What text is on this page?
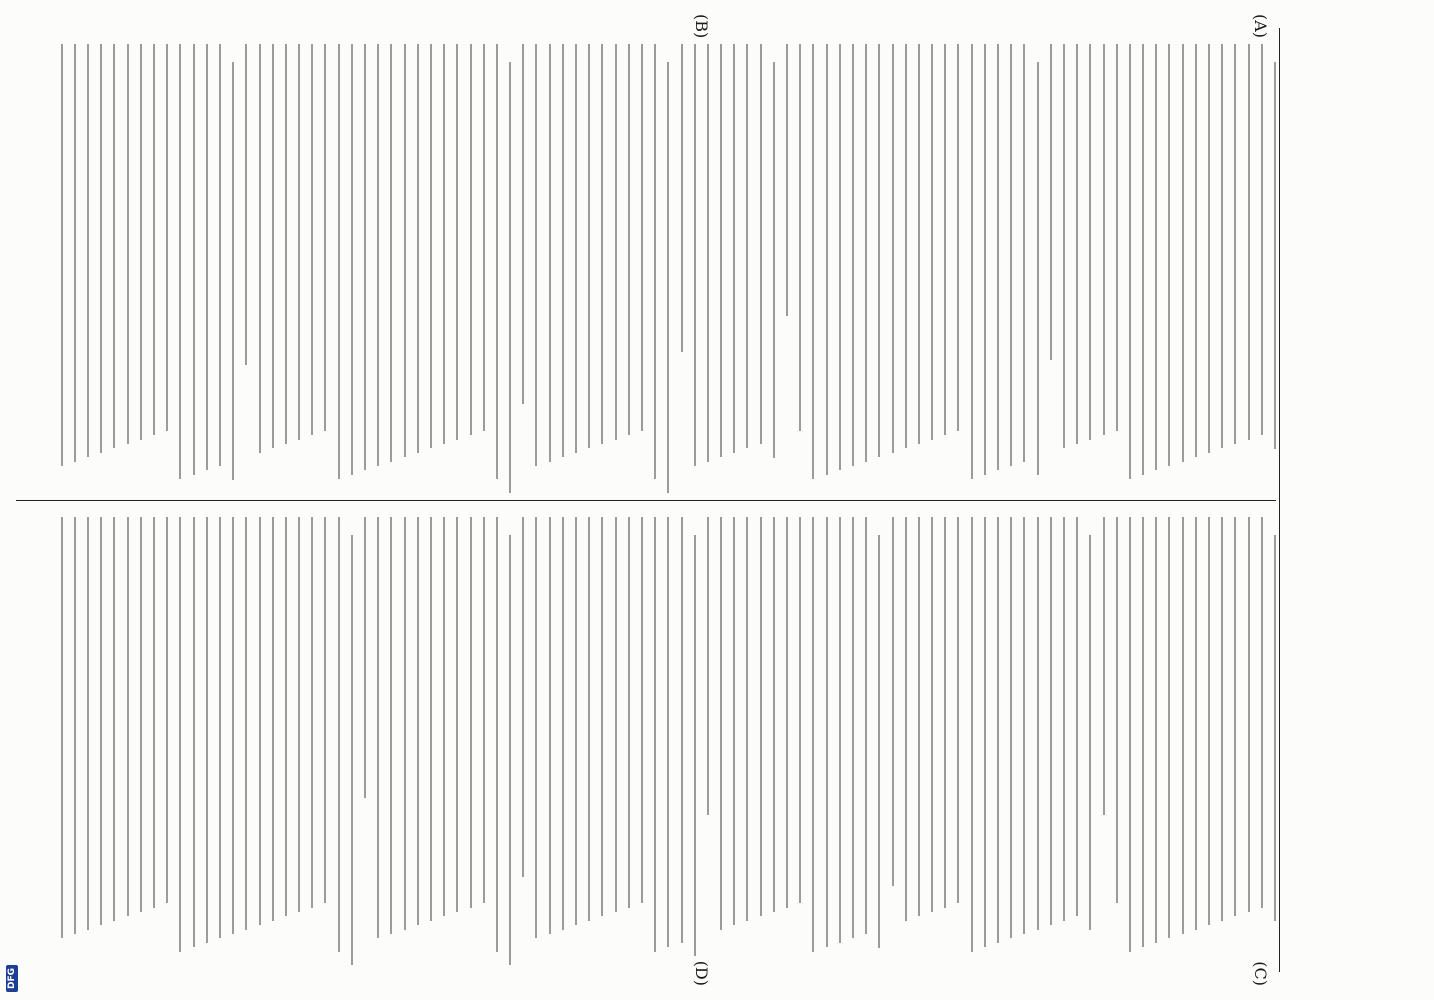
(A)
(B)
(C)
(D)
DFG
